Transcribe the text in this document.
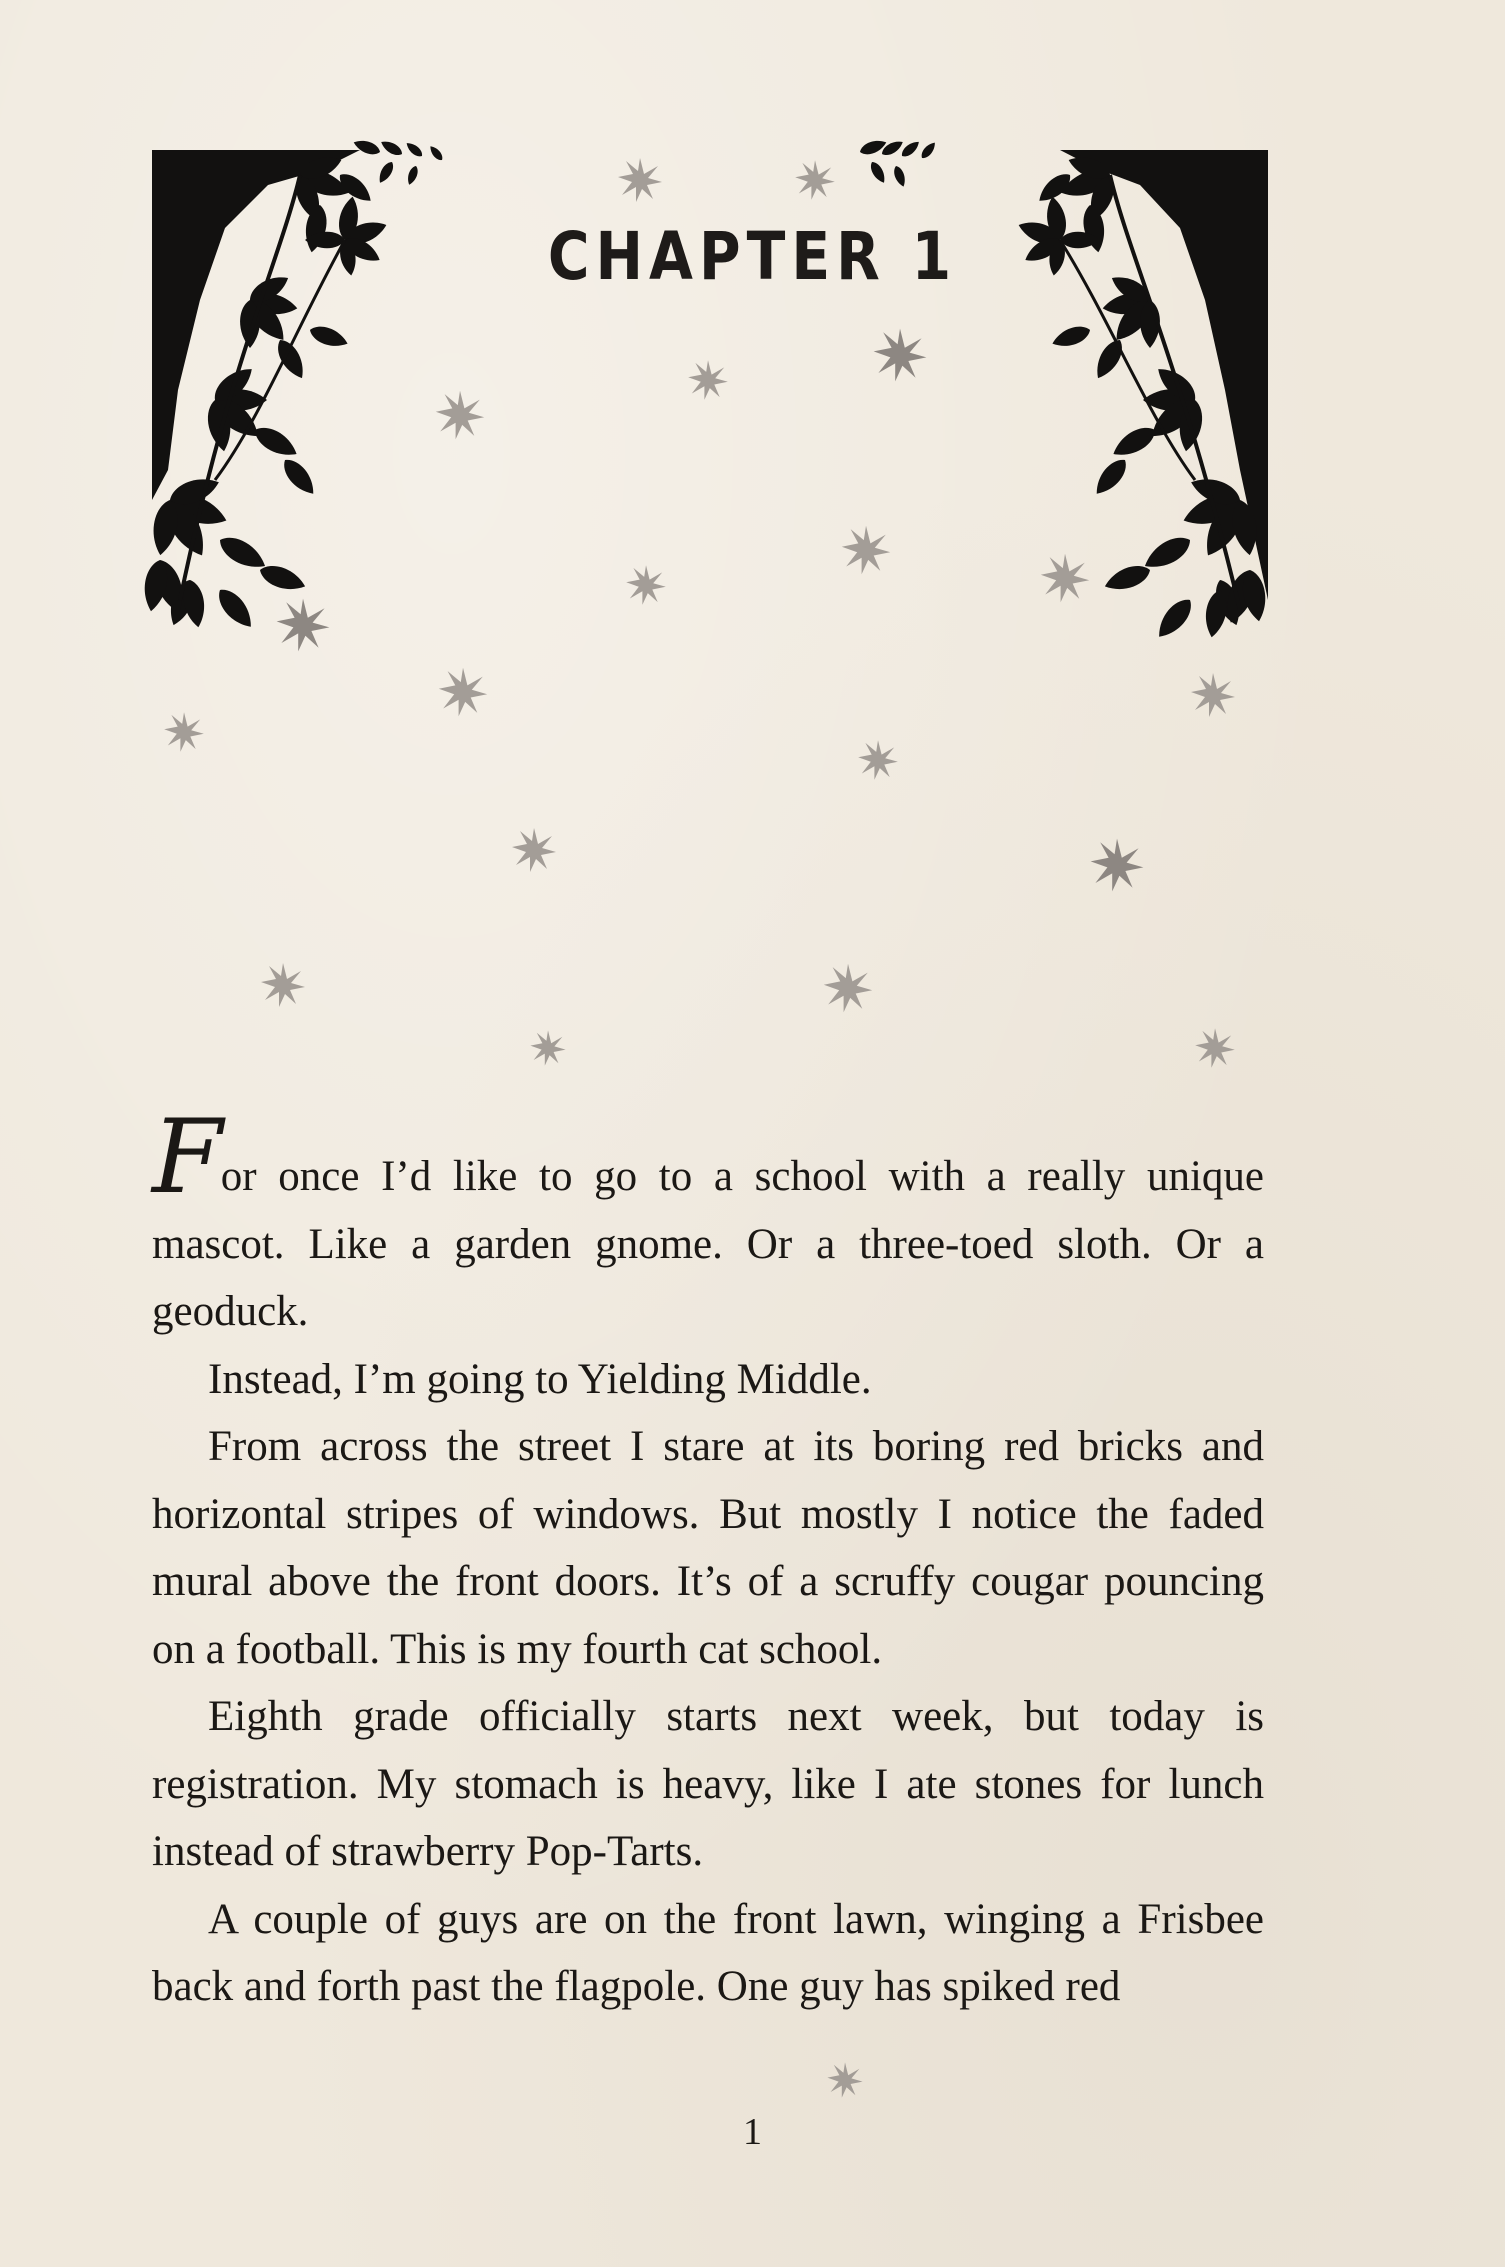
CHAPTER 1

For once I’d like to go to a school with a really unique mascot. Like a garden gnome. Or a three-toed sloth. Or a geoduck.

Instead, I’m going to Yielding Middle.

From across the street I stare at its boring red bricks and horizontal stripes of windows. But mostly I notice the faded mural above the front doors. It’s of a scruffy cougar pouncing on a football. This is my fourth cat school.

Eighth grade officially starts next week, but today is registration. My stomach is heavy, like I ate stones for lunch instead of strawberry Pop-Tarts.

A couple of guys are on the front lawn, winging a Frisbee back and forth past the flagpole. One guy has spiked red

1
